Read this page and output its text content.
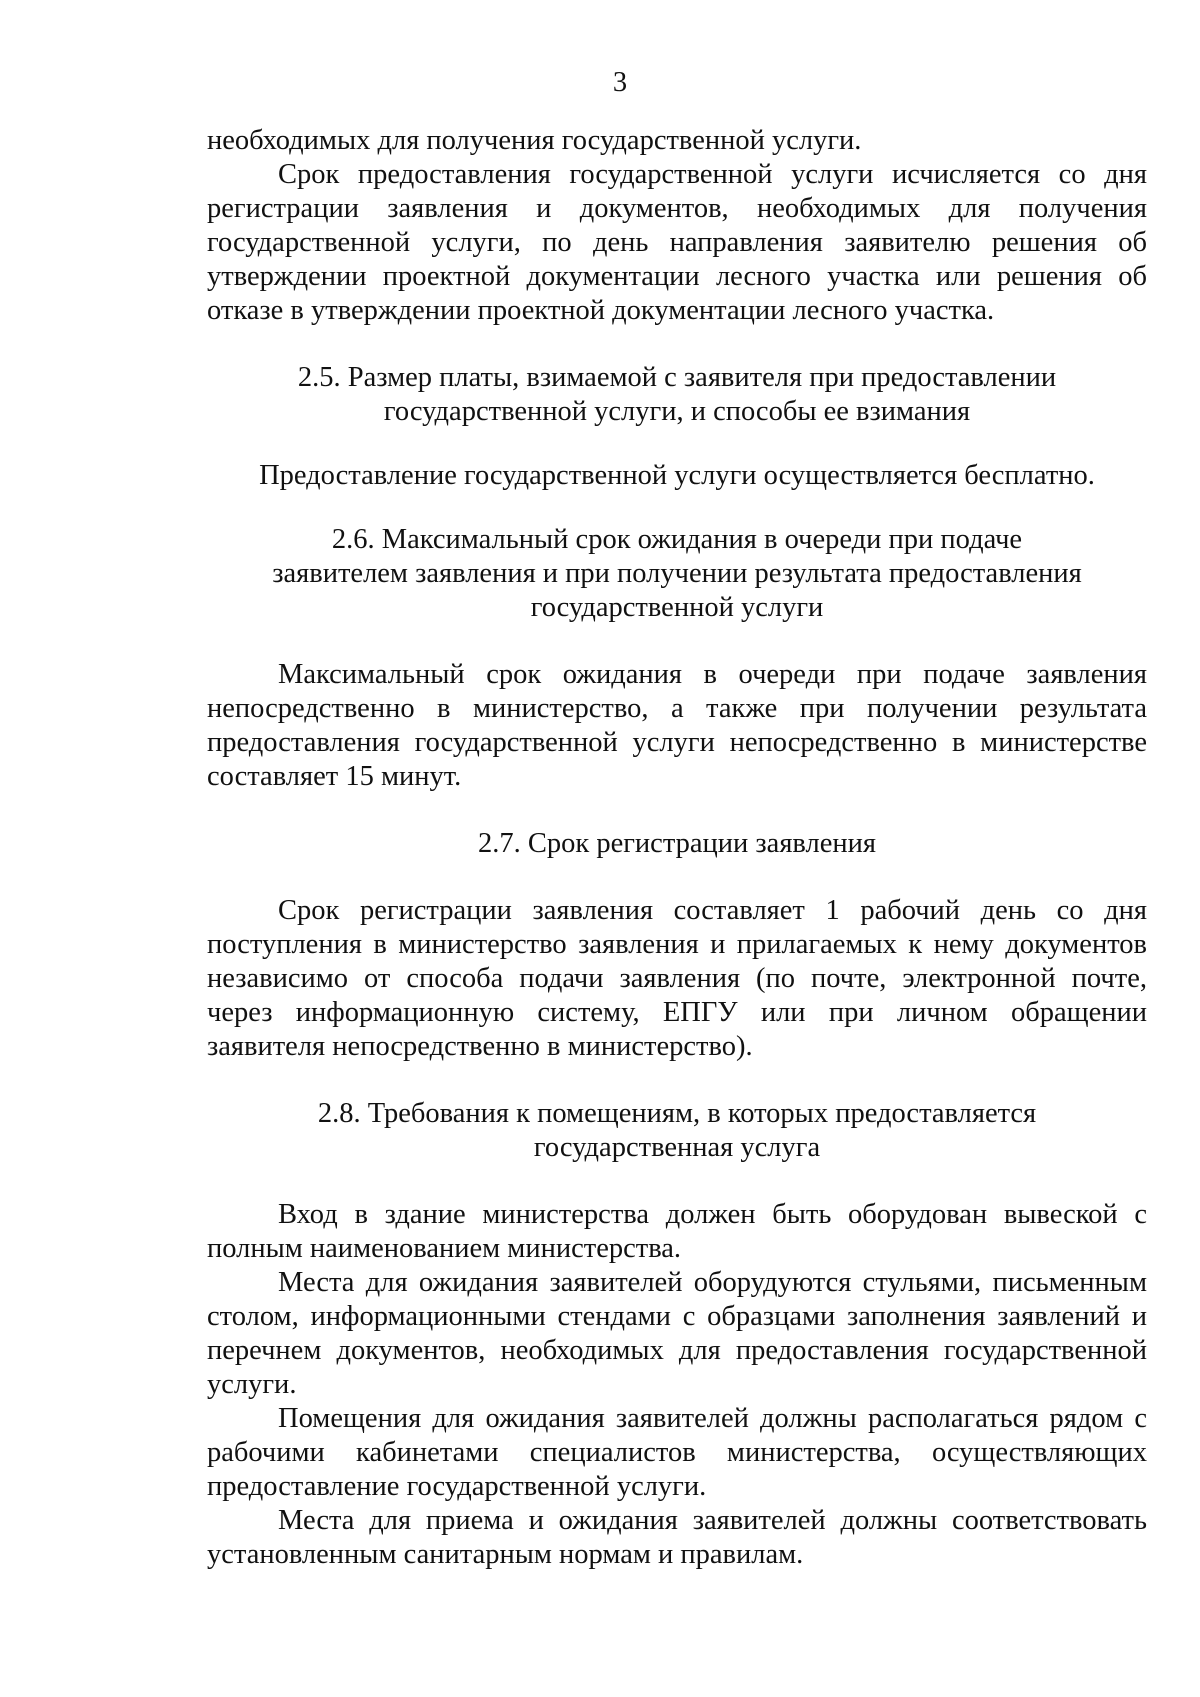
3

необходимых для получения государственной услуги.

Срок предоставления государственной услуги исчисляется со дня регистрации заявления и документов, необходимых для получения государственной услуги, по день направления заявителю решения об утверждении проектной документации лесного участка или решения об отказе в утверждении проектной документации лесного участка.

2.5. Размер платы, взимаемой с заявителя при предоставлении
государственной услуги, и способы ее взимания

Предоставление государственной услуги осуществляется бесплатно.

2.6. Максимальный срок ожидания в очереди при подаче
заявителем заявления и при получении результата предоставления
государственной услуги

Максимальный срок ожидания в очереди при подаче заявления непосредственно в министерство, а также при получении результата предоставления государственной услуги непосредственно в министерстве составляет 15 минут.

2.7. Срок регистрации заявления

Срок регистрации заявления составляет 1 рабочий день со дня поступления в министерство заявления и прилагаемых к нему документов независимо от способа подачи заявления (по почте, электронной почте, через информационную систему, ЕПГУ или при личном обращении заявителя непосредственно в министерство).

2.8. Требования к помещениям, в которых предоставляется
государственная услуга

Вход в здание министерства должен быть оборудован вывеской с полным наименованием министерства.

Места для ожидания заявителей оборудуются стульями, письменным столом, информационными стендами с образцами заполнения заявлений и перечнем документов, необходимых для предоставления государственной услуги.

Помещения для ожидания заявителей должны располагаться рядом с рабочими кабинетами специалистов министерства, осуществляющих предоставление государственной услуги.

Места для приема и ожидания заявителей должны соответствовать установленным санитарным нормам и правилам.
